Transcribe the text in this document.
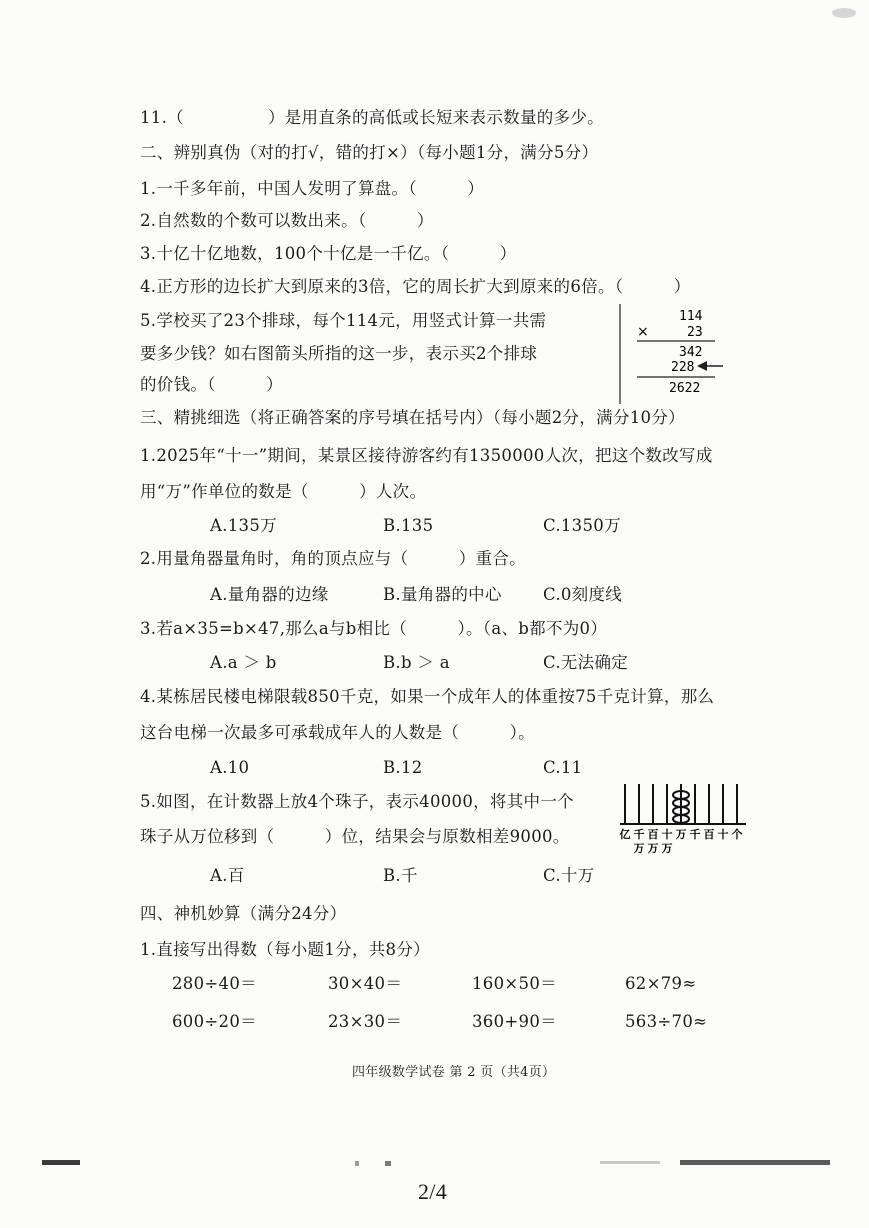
11.（　　　　　）是用直条的高低或长短来表示数量的多少。
二、辨别真伪（对的打√，错的打×）（每小题1分，满分5分）
1.一千多年前，中国人发明了算盘。（　　　）
2.自然数的个数可以数出来。（　　　）
3.十亿十亿地数，100个十亿是一千亿。（　　　）
4.正方形的边长扩大到原来的3倍，它的周长扩大到原来的6倍。（　　　）
5.学校买了23个排球，每个114元，用竖式计算一共需
要多少钱？如右图箭头所指的这一步，表示买2个排球
的价钱。（　　　）
114
×	23
342
228
2622
三、精挑细选（将正确答案的序号填在括号内）（每小题2分，满分10分）
1.2025年“十一”期间，某景区接待游客约有1350000人次，把这个数改写成
用“万”作单位的数是（　　　）人次。
A.135万	B.135	C.1350万
2.用量角器量角时，角的顶点应与（　　　）重合。
A.量角器的边缘	B.量角器的中心 C.0刻度线
3.若a×35=b×47,那么a与b相比（　　　）。（a、b都不为0）
A.a ＞ b	B.b ＞ a	C.无法确定
4.某栋居民楼电梯限载850千克，如果一个成年人的体重按75千克计算，那么
这台电梯一次最多可承载成年人的人数是（　　　）。
A.10	B.12	C.11
5.如图，在计数器上放4个珠子，表示40000，将其中一个
珠子从万位移到（　　　）位，结果会与原数相差9000。
A.百	B.千	C.十万
亿 千 百 十 万 千 百 十 个
万 万 万
四、神机妙算（满分24分）
1.直接写出得数（每小题1分，共8分）
280÷40＝	30×40＝	160×50＝	62×79≈
600÷20＝	23×30＝	360+90＝	563÷70≈
四年级数学试卷 第 2 页（共4页）
2/4
